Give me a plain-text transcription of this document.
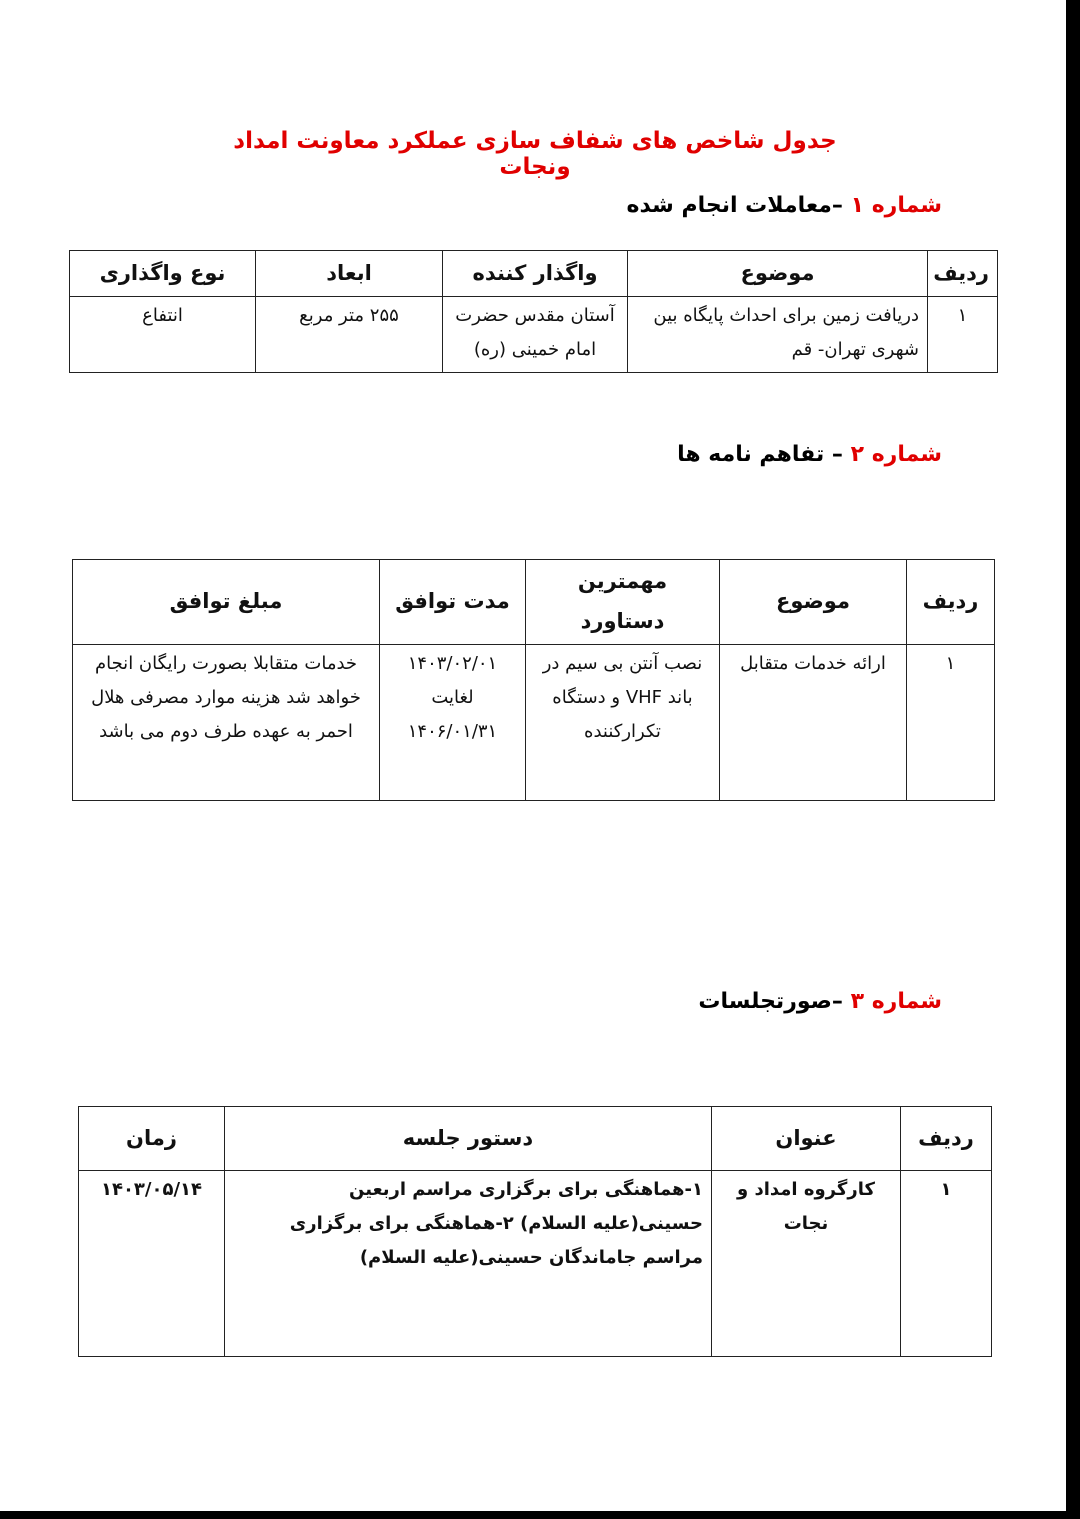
جدول شاخص های شفاف سازی عملکرد معاونت امداد ونجات
شماره ۱ –معاملات انجام شده
ردیف	موضوع	واگذار کننده	ابعاد	نوع واگذاری
۱	دریافت زمین برای احداث پایگاه بین شهری تهران- قم	آستان مقدس حضرت امام خمینی (ره)	۲۵۵ متر مربع	انتفاع
شماره ۲ – تفاهم نامه ها
ردیف	موضوع	مهمترین دستاورد	مدت توافق	مبلغ توافق
۱	ارائه خدمات متقابل	نصب آنتن بی سیم در باند VHF و دستگاه تکرارکننده	۱۴۰۳/۰۲/۰۱ لغایت ۱۴۰۶/۰۱/۳۱	خدمات متقابلا بصورت رایگان انجام خواهد شد هزینه موارد مصرفی هلال احمر به عهده طرف دوم می باشد
شماره ۳ –صورتجلسات
ردیف	عنوان	دستور جلسه	زمان
۱	کارگروه امداد و نجات	۱-هماهنگی برای برگزاری مراسم اربعین حسینی(علیه السلام) ۲-هماهنگی برای برگزاری مراسم جاماندگان حسینی(علیه السلام)	۱۴۰۳/۰۵/۱۴
